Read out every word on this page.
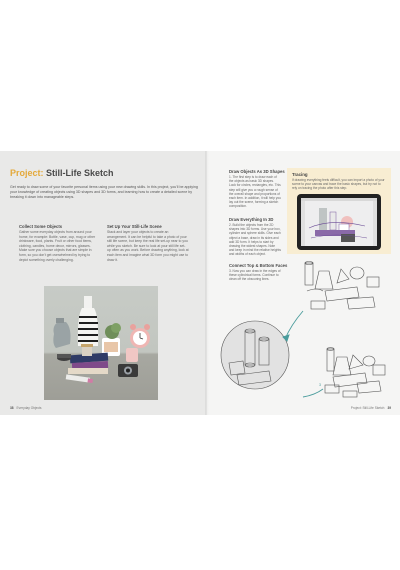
Project: Still-Life Sketch
Get ready to draw some of your favorite personal items using your new drawing skills. In this project, you'll be applying your knowledge of creating objects using 3D shapes and 3D forms, and learning how to create a detailed scene by breaking it down into manageable steps.
Collect Some Objects
Gather some everyday objects from around your home, for example: Bottle, vase, cup, mug or other drinkware, food, plants. Fruit or other food items, clothing, candles, home decor, mirrors, glasses. Make sure you choose objects that are simple in form, so you don't get overwhelmed by trying to depict something overly challenging.
Set Up Your Still-Life Scene
Stack and layer your objects to create an arrangement. It can be helpful to take a photo of your still life scene, but keep the real life set-up near to you while you sketch. Be sure to look at your still life set-up often as you work. Before drawing anything, look at each item and imagine what 3D form you might use to draw it.
38 Everyday Objects
Draw Objects As 3D Shapes
1. The first step is to draw each of the objects as basic 3D shapes. Look for circles, rectangles, etc. This step will give you a rough sense of the overall shape and proportions of each item. In addition, it will help you lay out the scene, forming a sketch composition.
Draw Everything In 3D
2. Build the objects from the 2D shapes into 3D forms. Use your box, cylinder and sphere skills. Give each object a base, draw in its sides and add 3D form. It helps to start by drawing the widest shapes. Note and keep in mind the relative heights and widths of each object.
Connect Top & Bottom Faces
3. Now you can draw in the edges of these cylindrical forms. Continue to clean off the obscuring lines.
Tracing
If drawing everything feels difficult, you can import a photo of your scene to your canvas and trace the basic shapes, but try not to rely on tracing the photo after this step.
3
Project: Still-Life Sketch 39
